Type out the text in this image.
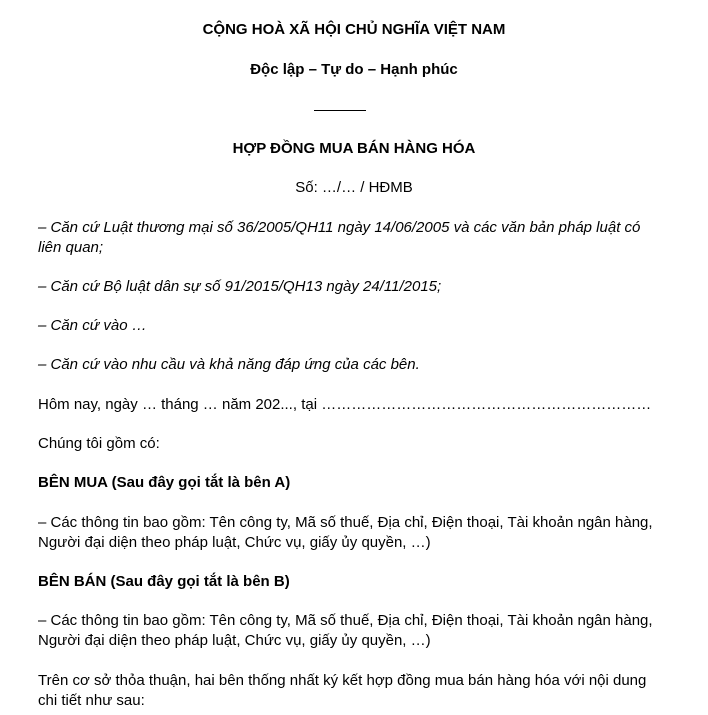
CỘNG HOÀ XÃ HỘI CHỦ NGHĨA VIỆT NAM
Độc lập – Tự do – Hạnh phúc
HỢP ĐỒNG MUA BÁN HÀNG HÓA
Số: …/… / HĐMB
– Căn cứ Luật thương mại số 36/2005/QH11 ngày 14/06/2005 và các văn bản pháp luật có
liên quan;
– Căn cứ Bộ luật dân sự số 91/2015/QH13 ngày 24/11/2015;
– Căn cứ vào …
– Căn cứ vào nhu cầu và khả năng đáp ứng của các bên.
Hôm nay, ngày … tháng … năm 202..., tại …………………………………………………………
Chúng tôi gồm có:
BÊN MUA (Sau đây gọi tắt là bên A)
– Các thông tin bao gồm: Tên công ty, Mã số thuế, Địa chỉ, Điện thoại, Tài khoản ngân hàng,
Người đại diện theo pháp luật, Chức vụ, giấy ủy quyền, …)
BÊN BÁN (Sau đây gọi tắt là bên B)
– Các thông tin bao gồm: Tên công ty, Mã số thuế, Địa chỉ, Điện thoại, Tài khoản ngân hàng,
Người đại diện theo pháp luật, Chức vụ, giấy ủy quyền, …)
Trên cơ sở thỏa thuận, hai bên thống nhất ký kết hợp đồng mua bán hàng hóa với nội dung
chi tiết như sau:
